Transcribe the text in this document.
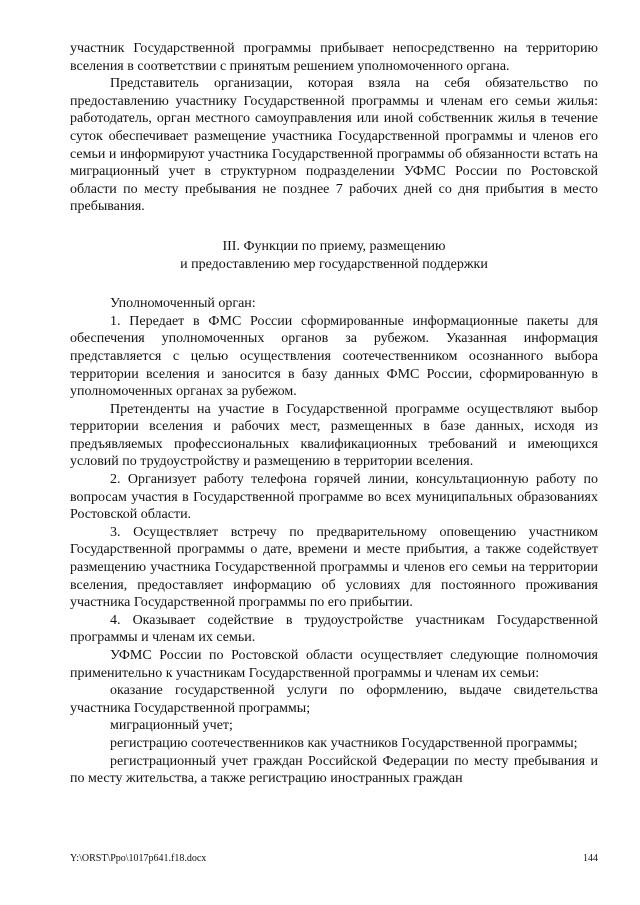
участник Государственной программы прибывает непосредственно на территорию вселения в соответствии с принятым решением уполномоченного органа.

Представитель организации, которая взяла на себя обязательство по предоставлению участнику Государственной программы и членам его семьи жилья: работодатель, орган местного самоуправления или иной собственник жилья в течение суток обеспечивает размещение участника Государственной программы и членов его семьи и информируют участника Государственной программы об обязанности встать на миграционный учет в структурном подразделении УФМС России по Ростовской области по месту пребывания не позднее 7 рабочих дней со дня прибытия в место пребывания.

III. Функции по приему, размещению
и предоставлению мер государственной поддержки

Уполномоченный орган:

1. Передает в ФМС России сформированные информационные пакеты для обеспечения уполномоченных органов за рубежом. Указанная информация представляется с целью осуществления соотечественником осознанного выбора территории вселения и заносится в базу данных ФМС России, сформированную в уполномоченных органах за рубежом.

Претенденты на участие в Государственной программе осуществляют выбор территории вселения и рабочих мест, размещенных в базе данных, исходя из предъявляемых профессиональных квалификационных требований и имеющихся условий по трудоустройству и размещению в территории вселения.

2. Организует работу телефона горячей линии, консультационную работу по вопросам участия в Государственной программе во всех муниципальных образованиях Ростовской области.

3. Осуществляет встречу по предварительному оповещению участником Государственной программы о дате, времени и месте прибытия, а также содействует размещению участника Государственной программы и членов его семьи на территории вселения, предоставляет информацию об условиях для постоянного проживания участника Государственной программы по его прибытии.

4. Оказывает содействие в трудоустройстве участникам Государственной программы и членам их семьи.

УФМС России по Ростовской области осуществляет следующие полномочия применительно к участникам Государственной программы и членам их семьи:

оказание государственной услуги по оформлению, выдаче свидетельства участника Государственной программы;

миграционный учет;

регистрацию соотечественников как участников Государственной программы;

регистрационный учет граждан Российской Федерации по месту пребывания и по месту жительства, а также регистрацию иностранных граждан

Y:\ORST\Ppo\1017p641.f18.docx	144
